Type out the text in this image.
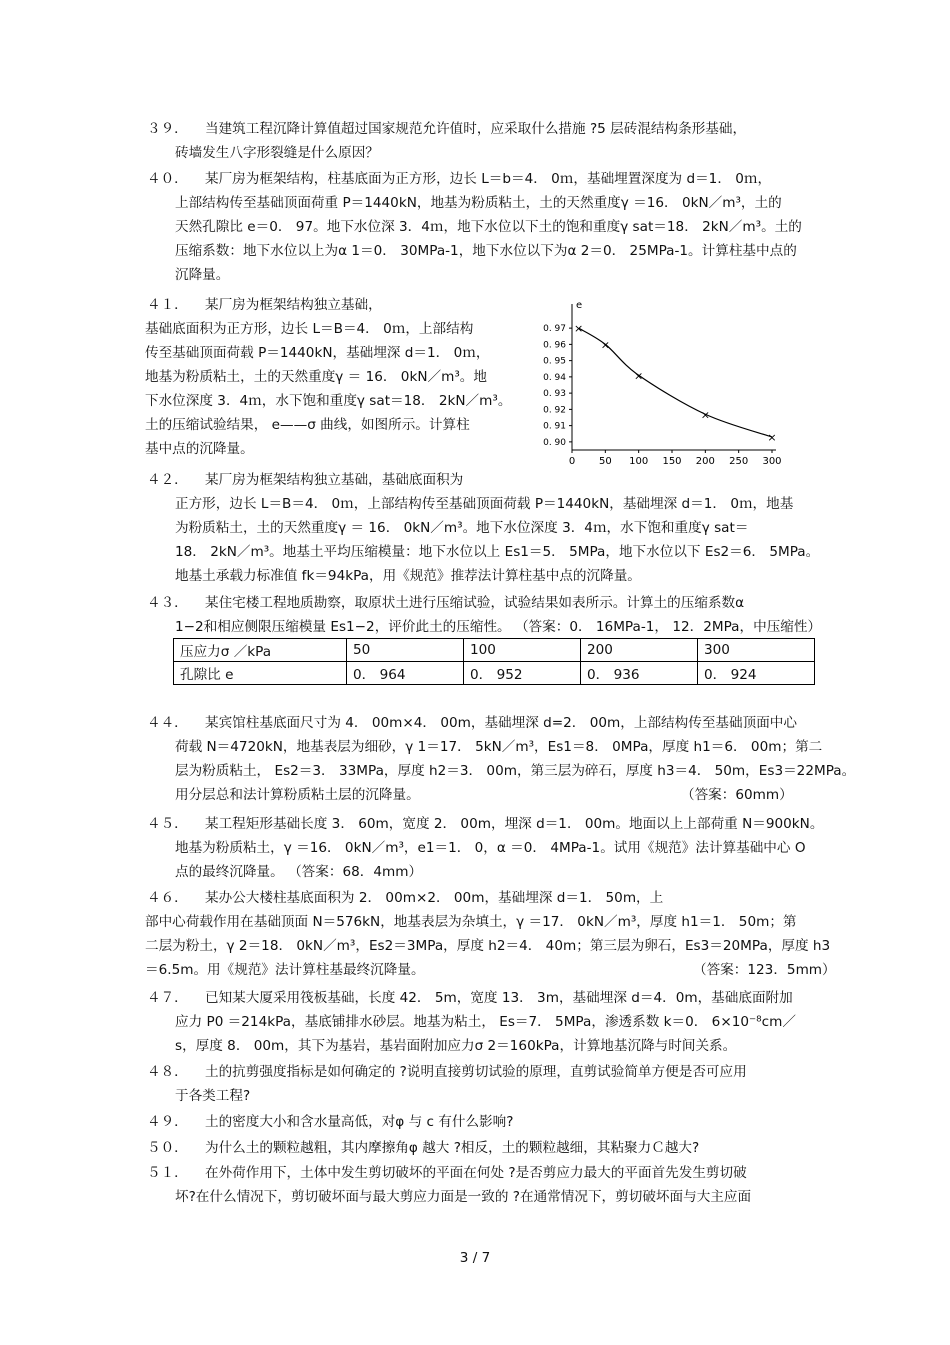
３９． 当建筑工程沉降计算值超过国家规范允许值时，应采取什么措施 ?5 层砖混结构条形基础，
砖墙发生八字形裂缝是什么原因？
４０． 某厂房为框架结构，柱基底面为正方形，边长 L＝b＝4． 0ｍ，基础埋置深度为 d＝1． 0ｍ，
上部结构传至基础顶面荷重 P＝1440kN，地基为粉质粘土，土的天然重度γ ＝16． 0kN／m³，土的
天然孔隙比 e＝0． 97。地下水位深 3．4ｍ，地下水位以下土的饱和重度γ sat＝18． 2kN／m³。土的
压缩系数：地下水位以上为α 1＝0． 30MPa-1，地下水位以下为α 2＝0． 25MPa-1。计算柱基中点的
沉降量。
４１． 某厂房为框架结构独立基础，
基础底面积为正方形，边长 L＝B＝4． 0ｍ，上部结构
传至基础顶面荷载 P＝1440kN，基础埋深 d＝1． 0ｍ，
地基为粉质粘土，土的天然重度γ ＝ 16． 0kN／m³。地
下水位深度 3．4ｍ，水下饱和重度γ sat＝18． 2kN／m³。
土的压缩试验结果， e——σ 曲线，如图所示。计算柱
基中点的沉降量。
e
0. 97
0. 96
0. 95
0. 94
0. 93
0. 92
0. 91
0. 90
0 50 100 150 200 250 300
×
×
×
×
×
４２． 某厂房为框架结构独立基础，基础底面积为
正方形，边长 L＝B＝4． 0ｍ，上部结构传至基础顶面荷载 P＝1440kN，基础埋深 d＝1． 0ｍ，地基
为粉质粘土，土的天然重度γ ＝ 16． 0kN／m³。地下水位深度 3．4ｍ，水下饱和重度γ sat＝
18． 2kN／m³。地基土平均压缩模量：地下水位以上 Es1＝5． 5MPa，地下水位以下 Es2＝6． 5MPa。
地基土承载力标准值 fk＝94kPa，用《规范》推荐法计算柱基中点的沉降量。
４３． 某住宅楼工程地质勘察，取原状土进行压缩试验，试验结果如表所示。计算土的压缩系数α
1−2和相应侧限压缩模量 Es1−2，评价此土的压缩性。 （答案：0． 16MPa-1， 12．2MPa，中压缩性）
压应力σ ／kPa	50	100	200	300
孔隙比 e	0． 964	0． 952	0． 936	0． 924
４４． 某宾馆柱基底面尺寸为 4． 00m×4． 00m，基础埋深 d=2． 00m，上部结构传至基础顶面中心
荷载 N＝4720kN，地基表层为细砂，γ 1＝17． 5kN／m³，Es1＝8． 0MPa，厚度 h1＝6． 00m；第二
层为粉质粘土， Es2＝3． 33MPa，厚度 h2＝3． 00m，第三层为碎石，厚度 h3＝4． 50m，Es3＝22MPa。
用分层总和法计算粉质粘土层的沉降量。	（答案：60mm）
４５． 某工程矩形基础长度 3． 60m，宽度 2． 00m，埋深 d＝1． 00m。地面以上上部荷重 N＝900kN。
地基为粉质粘土，γ ＝16． 0kN／m³，e1＝1． 0，α ＝0． 4MPa-1。试用《规范》法计算基础中心 O
点的最终沉降量。 （答案：68．4mm）
４６． 某办公大楼柱基底面积为 2． 00m×2． 00m，基础埋深 d＝1． 50m，上
部中心荷载作用在基础顶面 N＝576kN，地基表层为杂填土，γ ＝17． 0kN／m³，厚度 h1＝1． 50m；第
二层为粉土，γ 2＝18． 0kN／m³，Es2＝3MPa，厚度 h2＝4． 40m；第三层为卵石，Es3＝20MPa，厚度 h3
＝6.5m。用《规范》法计算柱基最终沉降量。	（答案：123．5mm）
４７． 已知某大厦采用筏板基础，长度 42． 5m，宽度 13． 3m，基础埋深 d＝4．0m，基础底面附加
应力 P0 ＝214kPa，基底铺排水砂层。地基为粘土， Es＝7． 5MPa，渗透系数 k＝0． 6×10⁻⁸cm／
s，厚度 8． 00m，其下为基岩，基岩面附加应力σ 2＝160kPa，计算地基沉降与时间关系。
４８． 土的抗剪强度指标是如何确定的 ?说明直接剪切试验的原理，直剪试验简单方便是否可应用
于各类工程?
４９． 土的密度大小和含水量高低，对φ 与 c 有什么影响?
５０． 为什么土的颗粒越粗，其内摩擦角φ 越大 ?相反，土的颗粒越细，其粘聚力Ｃ越大?
５１． 在外荷作用下，土体中发生剪切破坏的平面在何处 ?是否剪应力最大的平面首先发生剪切破
坏?在什么情况下，剪切破坏面与最大剪应力面是一致的 ?在通常情况下，剪切破坏面与大主应面
3 / 7
